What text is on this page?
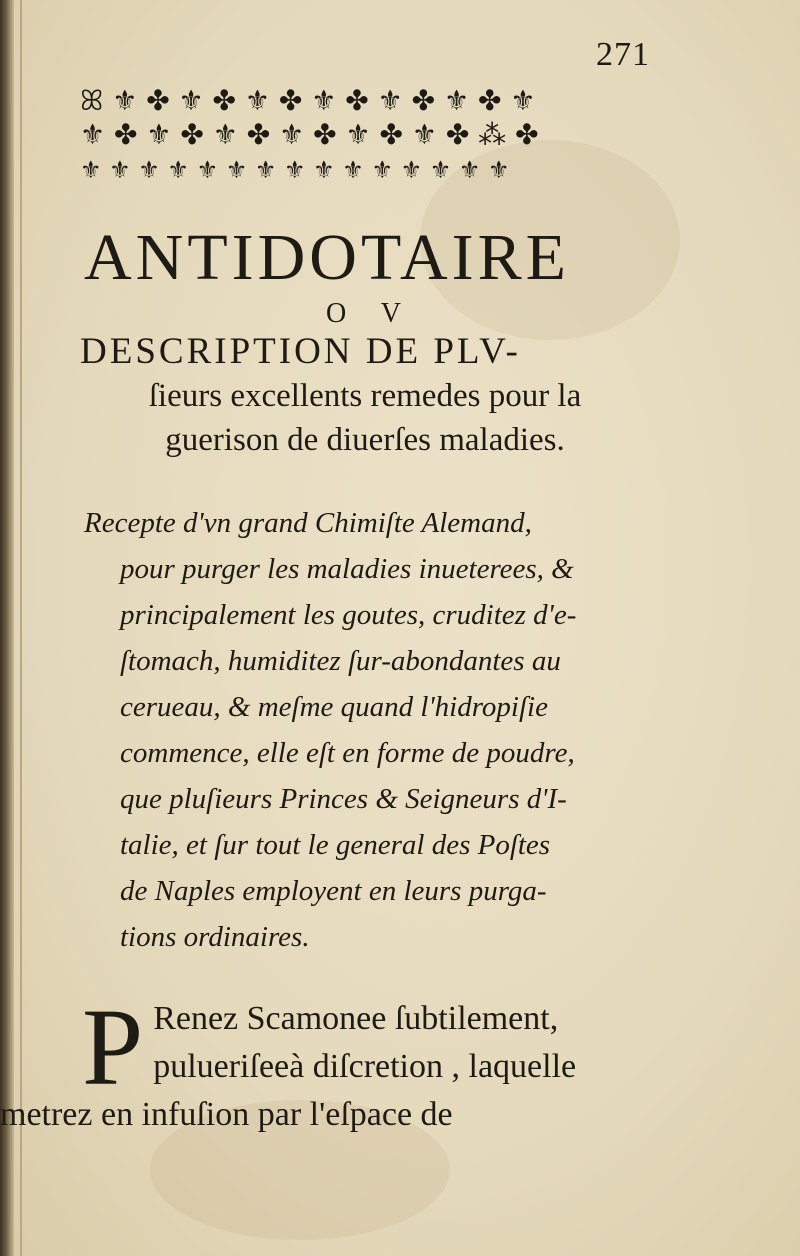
271
ꕤ ⚜ ✤ ⚜ ✤ ⚜ ✤ ⚜ ✤ ⚜ ✤ ⚜ ✤ ⚜
⚜ ✤ ⚜ ✤ ⚜ ✤ ⚜ ✤ ⚜ ✤ ⚜ ✤ ⁂ ✤
⚜ ⚜ ⚜ ⚜ ⚜ ⚜ ⚜ ⚜ ⚜ ⚜ ⚜ ⚜ ⚜ ⚜ ⚜
ANTIDOTAIRE
O V
DESCRIPTION DE PLV-
ſieurs excellents remedes pour la
guerison de diuerſes maladies.
Recepte d'vn grand Chimiſte Alemand,
pour purger les maladies inueterees, &
principalement les goutes, cruditez d'e-
ſtomach, humiditez ſur-abondantes au
cerueau, & meſme quand l'hidropiſie
commence, elle eſt en forme de poudre,
que pluſieurs Princes & Seigneurs d'I-
talie, et ſur tout le general des Poſtes
de Naples employent en leurs purga-
tions ordinaires.
P Renez Scamonee ſubtilement,
pulueriſeeà diſcretion , laquelle
metrez en infuſion par l'eſpace de
